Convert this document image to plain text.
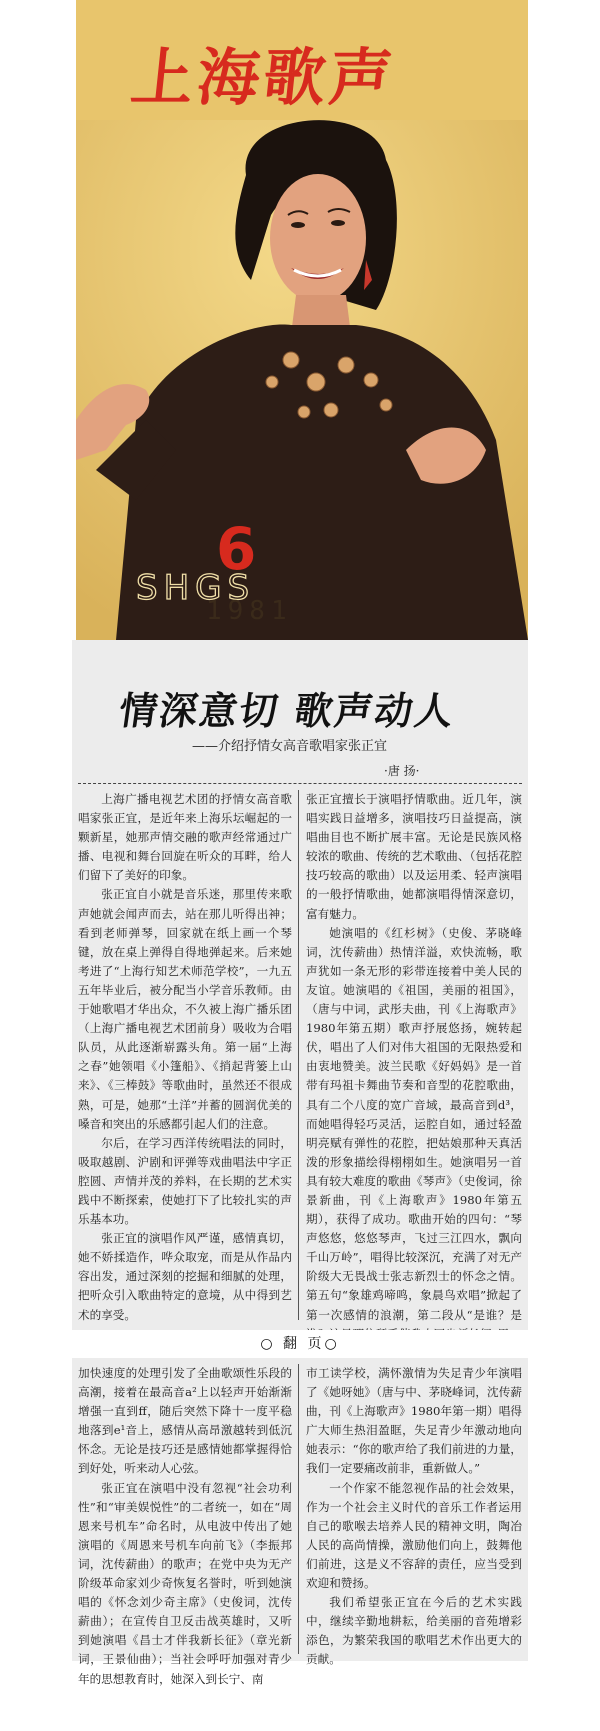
上海歌声
6
SHGS
1981
情深意切 歌声动人
——介绍抒情女高音歌唱家张正宜
·唐 扬·

上海广播电视艺术团的抒情女高音歌唱家张正宜，是近年来上海乐坛崛起的一颗新星，她那声情交融的歌声经常通过广播、电视和舞台回旋在听众的耳畔，给人们留下了美好的印象。

张正宜自小就是音乐迷，那里传来歌声她就会闻声而去，站在那儿听得出神；看到老师弹琴，回家就在纸上画一个琴键，放在桌上弹得自得地弹起来。后来她考进了“上海行知艺术师范学校”，一九五五年毕业后，被分配当小学音乐教师。由于她歌唱才华出众，不久被上海广播乐团（上海广播电视艺术团前身）吸收为合唱队员，从此逐渐崭露头角。第一届“上海之春”她领唱《小篷船》、《捎起背篓上山来》、《三棒鼓》等歌曲时，虽然还不很成熟，可是，她那“土洋”并蓄的圆润优美的嗓音和突出的乐感都引起人们的注意。

尔后，在学习西洋传统唱法的同时，吸取越剧、沪剧和评弹等戏曲唱法中字正腔圆、声情并茂的养料，在长期的艺术实践中不断探索，使她打下了比较扎实的声乐基本功。

张正宜的演唱作风严谨，感情真切，她不娇揉造作，哗众取宠，而是从作品内容出发，通过深刻的挖掘和细腻的处理，把听众引入歌曲特定的意境，从中得到艺术的享受。

张正宜擅长于演唱抒情歌曲。近几年，演唱实践日益增多，演唱技巧日益提高，演唱曲目也不断扩展丰富。无论是民族风格较浓的歌曲、传统的艺术歌曲、（包括花腔技巧较高的歌曲）以及运用柔、轻声演唱的一般抒情歌曲，她都演唱得情深意切，富有魅力。

她演唱的《红杉树》（史俊、茅晓峰词，沈传薪曲）热情洋溢，欢快流畅，歌声犹如一条无形的彩带连接着中美人民的友谊。她演唱的《祖国，美丽的祖国》，（唐与中词，武彤夫曲，刊《上海歌声》1980年第五期）歌声抒展悠扬，婉转起伏，唱出了人们对伟大祖国的无限热爱和由衷地赞美。波兰民歌《好妈妈》是一首带有玛祖卡舞曲节奏和音型的花腔歌曲，具有二个八度的宽广音域，最高音到d³，而她唱得轻巧灵活，运腔自如，通过轻盈明亮赋有弹性的花腔，把姑娘那种天真活泼的形象描绘得栩栩如生。她演唱另一首具有较大难度的歌曲《琴声》（史俊词，徐景新曲，刊《上海歌声》1980年第五期），获得了成功。歌曲开始的四句：“琴声悠悠，悠悠琴声，飞过三江四水，飘向千山万岭”，唱得比较深沉，充满了对无产阶级大无畏战士张志新烈士的怀念之情。第五句“象雄鸡啼鸣，象晨鸟欢唱”掀起了第一次感情的浪潮，第二段从“是谁？是

○ 翻 页○

加快速度的处理引发了全曲歌颂性乐段的高潮，接着在最高音a²上以轻声开始渐渐增强一直到ff，随后突然下降十一度平稳地落到e¹音上，感情从高昂激越转到低沉怀念。无论是技巧还是感情她都掌握得恰到好处，听来动人心弦。

张正宜在演唱中没有忽视“社会功利性”和“审美娱悦性”的二者统一，如在“周恩来号机车”命名时，从电波中传出了她演唱的《周恩来号机车向前飞》（李振邦词，沈传薪曲）的歌声；在党中央为无产阶级革命家刘少奇恢复名誉时，听到她演唱的《怀念刘少奇主席》（史俊词，沈传薪曲）；在宣传自卫反击战英雄时，又听到她演唱《昌士才伴我新长征》（章光新词，王景仙曲）；当社会呼吁加强对青少年的思想教育时，她深入到长宁、南

市工读学校，满怀激情为失足青少年演唱了《她呀她》（唐与中、茅晓峰词，沈传薪曲，刊《上海歌声》1980年第一期）唱得广大师生热泪盈眶，失足青少年激动地向她表示：“你的歌声给了我们前进的力量，我们一定要痛改前非，重新做人。”

一个作家不能忽视作品的社会效果，作为一个社会主义时代的音乐工作者运用自己的歌喉去培养人民的精神文明，陶冶人民的高尚情操，激励他们向上，鼓舞他们前进，这是义不容辞的责任，应当受到欢迎和赞扬。

我们希望张正宜在今后的艺术实践中，继续辛勤地耕耘，给美丽的音苑增彩添色，为繁荣我国的歌唱艺术作出更大的贡献。
